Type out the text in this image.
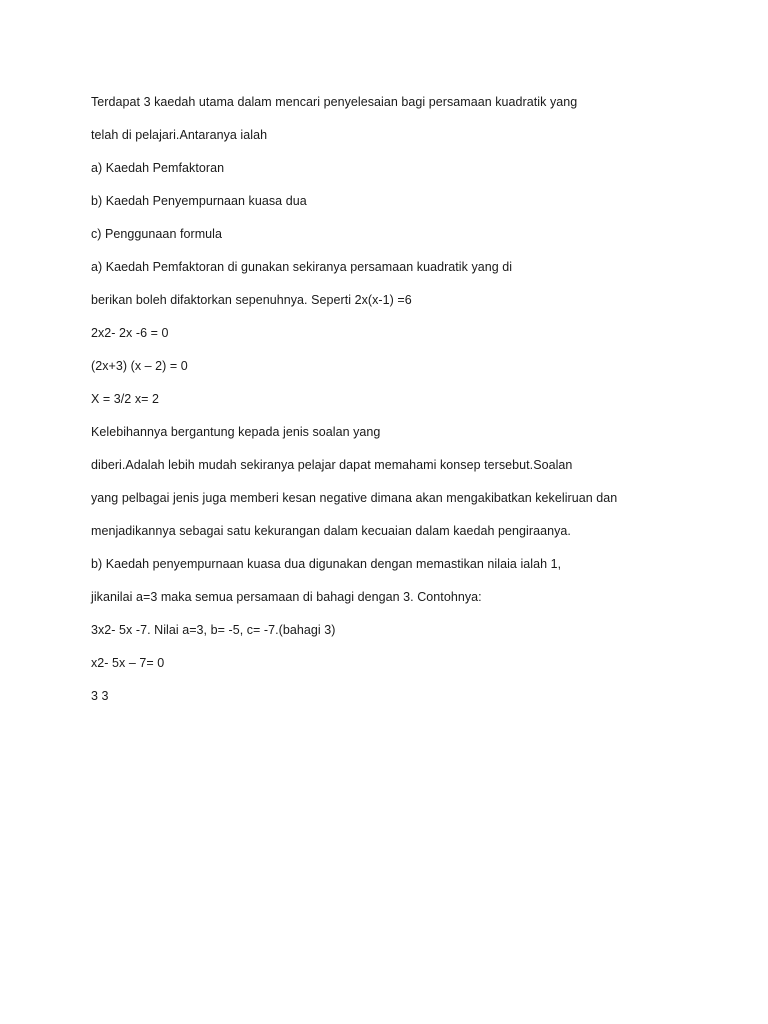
Terdapat 3 kaedah utama dalam mencari penyelesaian bagi persamaan kuadratik yang
telah di pelajari.Antaranya ialah
a) Kaedah Pemfaktoran
b) Kaedah Penyempurnaan kuasa dua
c) Penggunaan formula
a) Kaedah Pemfaktoran di gunakan sekiranya persamaan kuadratik yang di
berikan boleh difaktorkan sepenuhnya. Seperti 2x(x-1) =6
2x2- 2x -6 = 0
(2x+3) (x – 2) = 0
X = 3/2 x= 2
Kelebihannya bergantung kepada jenis soalan yang
diberi.Adalah lebih mudah sekiranya pelajar dapat memahami konsep tersebut.Soalan
yang pelbagai jenis juga memberi kesan negative dimana akan mengakibatkan kekeliruan dan
menjadikannya sebagai satu kekurangan dalam kecuaian dalam kaedah pengiraanya.
b) Kaedah penyempurnaan kuasa dua digunakan dengan memastikan nilaia ialah 1,
jikanilai a=3 maka semua persamaan di bahagi dengan 3. Contohnya:
3x2- 5x -7. Nilai a=3, b= -5, c= -7.(bahagi 3)
x2- 5x – 7= 0
3 3
